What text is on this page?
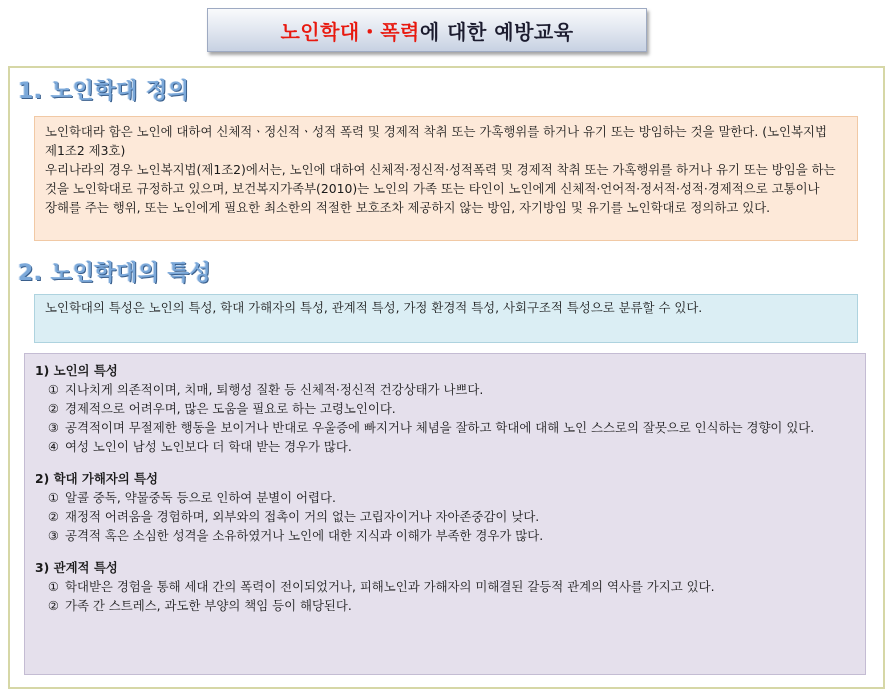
노인학대・폭력 에 대한 예방교육
1. 노인학대 정의

노인학대라 함은 노인에 대하여 신체적ㆍ정신적ㆍ성적 폭력 및 경제적 착취 또는 가혹행위를 하거나 유기 또는 방임하는 것을 말한다. (노인복지법 제1조2 제3호)

우리나라의 경우 노인복지법(제1조2)에서는, 노인에 대하여 신체적·정신적·성적폭력 및 경제적 착취 또는 가혹행위를 하거나 유기 또는 방임을 하는 것을 노인학대로 규정하고 있으며, 보건복지가족부(2010)는 노인의 가족 또는 타인이 노인에게 신체적·언어적·정서적·성적·경제적으로 고통이나 장해를 주는 행위, 또는 노인에게 필요한 최소한의 적절한 보호조차 제공하지 않는 방임, 자기방임 및 유기를 노인학대로 정의하고 있다.

2. 노인학대의 특성
노인학대의 특성은 노인의 특성, 학대 가해자의 특성, 관계적 특성, 가정 환경적 특성, 사회구조적 특성으로 분류할 수 있다.
1) 노인의 특성
① 지나치게 의존적이며, 치매, 퇴행성 질환 등 신체적·정신적 건강상태가 나쁘다.
② 경제적으로 어려우며, 많은 도움을 필요로 하는 고령노인이다.
③ 공격적이며 무절제한 행동을 보이거나 반대로 우울증에 빠지거나 체념을 잘하고 학대에 대해 노인 스스로의 잘못으로 인식하는 경향이 있다.
④ 여성 노인이 남성 노인보다 더 학대 받는 경우가 많다.
2) 학대 가해자의 특성
① 알콜 중독, 약물중독 등으로 인하여 분별이 어렵다.
② 재정적 어려움을 경험하며, 외부와의 접촉이 거의 없는 고립자이거나 자아존중감이 낮다.
③ 공격적 혹은 소심한 성격을 소유하였거나 노인에 대한 지식과 이해가 부족한 경우가 많다.
3) 관계적 특성
① 학대받은 경험을 통해 세대 간의 폭력이 전이되었거나, 피해노인과 가해자의 미해결된 갈등적 관계의 역사를 가지고 있다.
② 가족 간 스트레스, 과도한 부양의 책임 등이 해당된다.
